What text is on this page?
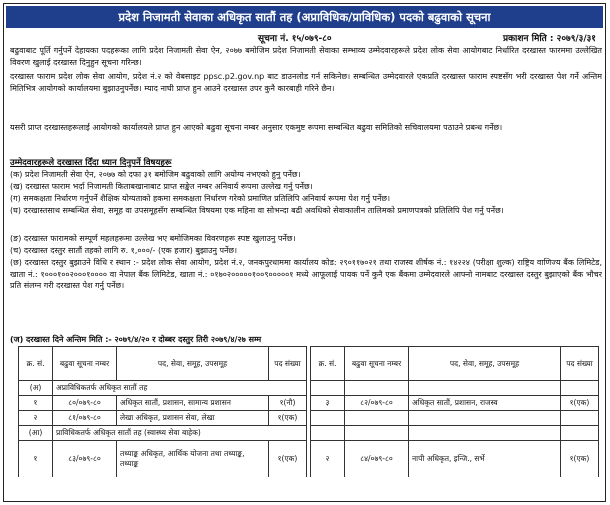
प्रदेश निजामती सेवाका अधिकृत सातौं तह (अप्राविधिक/प्राविधिक) पदको बढुवाको सूचना
सूचना नं. १५/०७९-८०	प्रकाशन मिति : २०७९/३/३१

बढुवाबाट पूर्ति गर्नुपर्ने देहायका पदहरूका लागि प्रदेश निजामती सेवा ऐन, २०७७ बमोजिम प्रदेश निजामती सेवाका सम्भाव्य उम्मेदवारहरूले प्रदेश लोक सेवा आयोगबाट निर्धारित दरखास्त फारममा उल्लेखित विवरण खुलाई दरखास्त दिनुहुन सूचना गरिन्छ।

दरखास्त फाराम प्रदेश लोक सेवा आयोग, प्रदेश नं.२ को वेबसाइट ppsc.p2.gov.np बाट डाउनलोड गर्न सकिनेछ। सम्बन्धित उम्मेदवारले एकप्रति दरखास्त फाराम स्पष्टसँग भरी दरखास्त पेश गर्ने अन्तिम मितिभित्र आयोगको कार्यालयमा बुझाउनुपर्नेछ। म्याद नाघी प्राप्त हुन आउने दरखास्त उपर कुनै कारबाही गरिने छैन।

यसरी प्राप्त दरखास्तहरूलाई आयोगको कार्यालयले प्राप्त हुन आएको बढुवा सूचना नम्बर अनुसार एकमुष्ट रूपमा सम्बन्धित बढुवा समितिको सचिवालयमा पठाउने प्रबन्ध गर्नेछ।

उम्मेदवारहरूले दरखास्त दिँदा ध्यान दिनुपर्ने विषयहरू

(क) प्रदेश निजामती सेवा ऐन, २०७७ को दफा ३१ बमोजिम बढुवाको लागि अयोग्य नभएको हुनु पर्नेछ।

(ख) दरखास्त फाराम भर्दा निजामती किताबखानाबाट प्राप्त सङ्केत नम्बर अनिवार्य रूपमा उल्लेख गर्नु पर्नेछ।

(ग) समकक्षता निर्धारण गर्नुपर्ने शैक्षिक योग्यताको हकमा समकक्षता निर्धारण गरेको प्रमाणित प्रतिलिपि अनिवार्य रूपमा पेश गर्नु पर्नेछ।

(घ) दरखास्तसाथ सम्बन्धित सेवा, समूह वा उपसमूहसँग सम्बन्धित विषयमा एक महिना वा सोभन्दा बढी अवधिको सेवाकालीन तालिमको प्रमाणपत्रको प्रतिलिपि पेश गर्नु पर्नेछ।

(ङ) दरखास्त फारामको सम्पूर्ण महलहरूमा उल्लेख भए बमोजिमका विवरणहरू स्पष्ट खुलाउनु पर्नेछ।

(च) दरखास्त दस्तुर सातौं तहको लागि रु. १,०००/- (एक हजार) बुझाउनु पर्नेछ।

(छ) दरखास्त दस्तुर बुझाउने विधि र स्थान :- प्रदेश लोक सेवा आयोग, प्रदेश नं.२, जनकपुरधाममा कार्यालय कोड: २९०११७०२१ तथा राजस्व शीर्षक नं.: १४२२४ (परीक्षा शुल्क) राष्ट्रिय वाणिज्य बैंक लिमिटेड, खाता नं.: १०००१००२०००१०००० वा नेपाल बैंक लिमिटेड, खाता नं.: ०१७०२०००००१००९०००००१ मध्ये आफूलाई पायक पर्ने कुनै एक बैंकमा उम्मेदवारले आफ्नो नामबाट दरखास्त दस्तुर बुझाएको बैंक भौचर प्रति संलग्न गरी दरखास्त पेश गर्नु पर्नेछ।

(ज) दरखास्त दिने अन्तिम मिति :- २०७९/४/२० र दोब्बर दस्तुर तिरी २०७९/४/२७ सम्म
क्र. सं.	बढुवा सूचना नम्बर	पद, सेवा, समूह, उपसमूह	पद संख्या		क्र. सं.	बढुवा सूचना नम्बर	पद, सेवा, समूह, उपसमूह	पद संख्या
(अ)	अप्राविधिकतर्फ अधिकृत सातौं तह							
१	८०/०७९-८०	अधिकृत सातौं, प्रशासन, सामान्य प्रशासन	१(नौ)		३	८२/०७९-८०	अधिकृत सातौं, प्रशासन, राजस्व	१(एक)
२	८१/०७९-८०	लेखा अधिकृत, प्रशासन सेवा, लेखा	१(एक)					
(आ)	प्राविधिकतर्फ अधिकृत सातौं तह (स्वास्थ्य सेवा बाहेक)							
१	८३/०७९-८०	तथ्याङ्क अधिकृत, आर्थिक योजना तथा तथ्याङ्क, तथ्याङ्क	१(एक)		२	८४/०७९-८०	नापी अधिकृत, इन्जि., सर्भे	१(एक)
